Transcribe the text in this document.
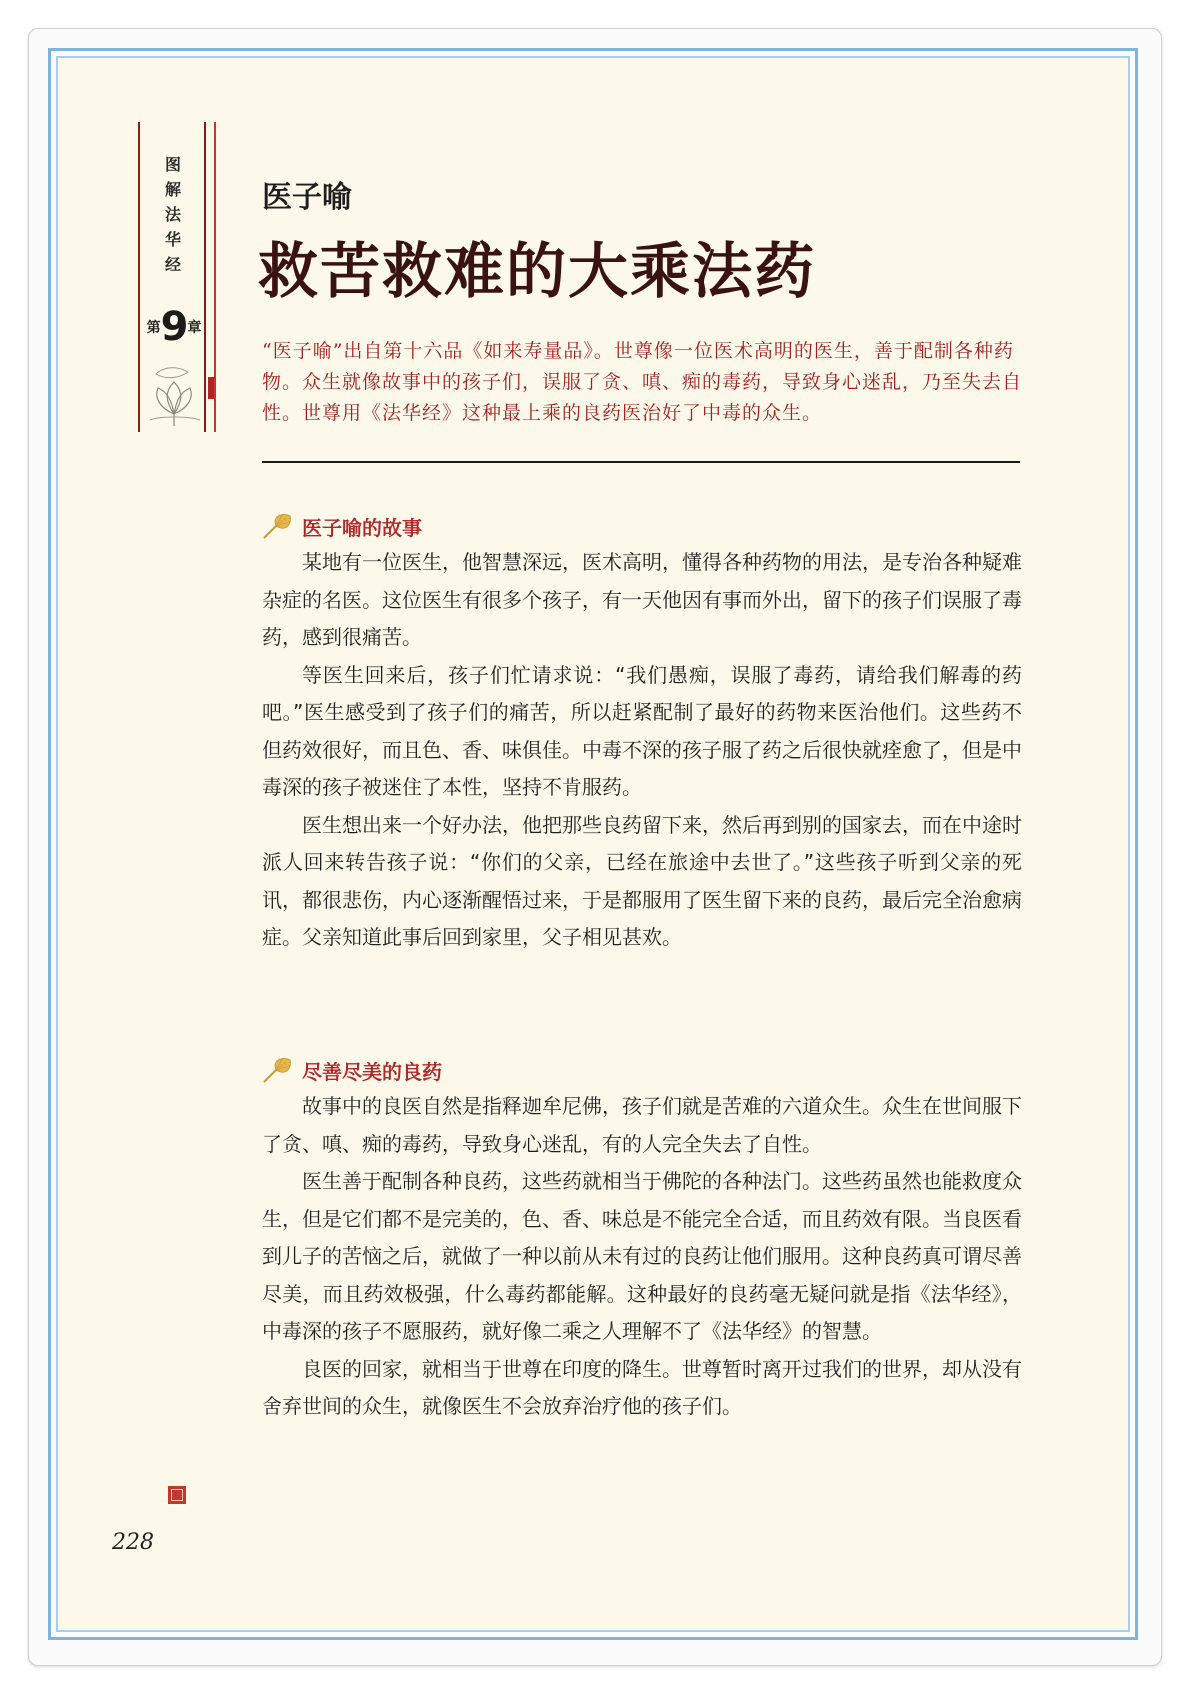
图
解
法
华
经
第9章
医子喻
救苦救难的大乘法药

“医子喻”出自第十六品《如来寿量品》。世尊像一位医术高明的医生，善于配制各种药物。众生就像故事中的孩子们，误服了贪、嗔、痴的毒药，导致身心迷乱，乃至失去自性。世尊用《法华经》这种最上乘的良药医治好了中毒的众生。

医子喻的故事

某地有一位医生，他智慧深远，医术高明，懂得各种药物的用法，是专治各种疑难杂症的名医。这位医生有很多个孩子，有一天他因有事而外出，留下的孩子们误服了毒药，感到很痛苦。

等医生回来后，孩子们忙请求说：“我们愚痴，误服了毒药，请给我们解毒的药吧。”医生感受到了孩子们的痛苦，所以赶紧配制了最好的药物来医治他们。这些药不但药效很好，而且色、香、味俱佳。中毒不深的孩子服了药之后很快就痊愈了，但是中毒深的孩子被迷住了本性，坚持不肯服药。

医生想出来一个好办法，他把那些良药留下来，然后再到别的国家去，而在中途时派人回来转告孩子说：“你们的父亲，已经在旅途中去世了。”这些孩子听到父亲的死讯，都很悲伤，内心逐渐醒悟过来，于是都服用了医生留下来的良药，最后完全治愈病症。父亲知道此事后回到家里，父子相见甚欢。

尽善尽美的良药

故事中的良医自然是指释迦牟尼佛，孩子们就是苦难的六道众生。众生在世间服下了贪、嗔、痴的毒药，导致身心迷乱，有的人完全失去了自性。

医生善于配制各种良药，这些药就相当于佛陀的各种法门。这些药虽然也能救度众生，但是它们都不是完美的，色、香、味总是不能完全合适，而且药效有限。当良医看到儿子的苦恼之后，就做了一种以前从未有过的良药让他们服用。这种良药真可谓尽善尽美，而且药效极强，什么毒药都能解。这种最好的良药毫无疑问就是指《法华经》，中毒深的孩子不愿服药，就好像二乘之人理解不了《法华经》的智慧。

良医的回家，就相当于世尊在印度的降生。世尊暂时离开过我们的世界，却从没有舍弃世间的众生，就像医生不会放弃治疗他的孩子们。

228
